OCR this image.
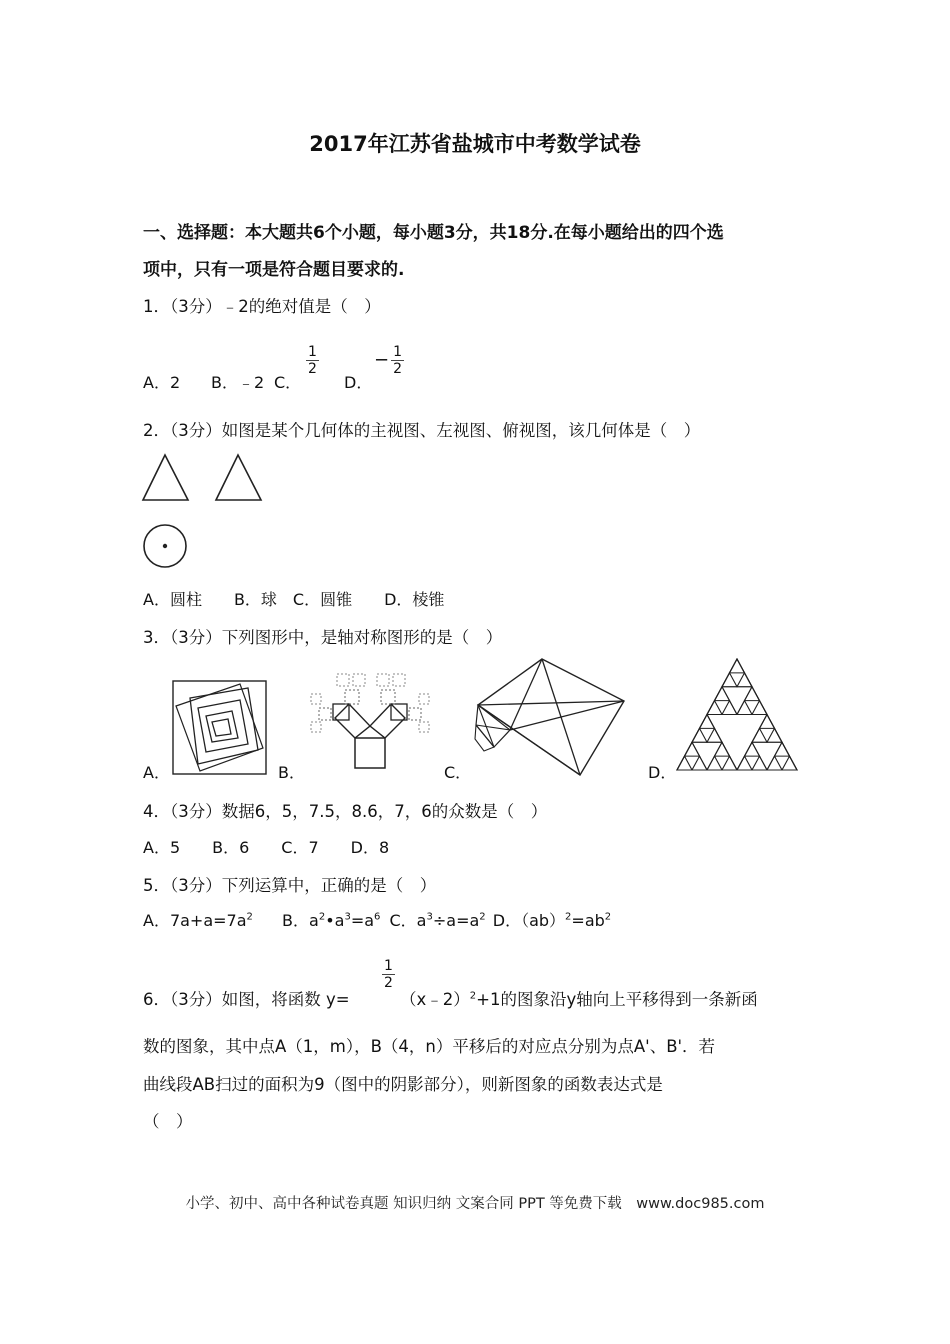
2017年江苏省盐城市中考数学试卷
一、选择题：本大题共6个小题，每小题3分，共18分.在每小题给出的四个选
项中，只有一项是符合题目要求的.
1．（3分）﹣2的绝对值是（　）
A．2 B．﹣2 C．
$\frac{1}{2}$
D．
− $\frac{1}{2}$
2．（3分）如图是某个几何体的主视图、左视图、俯视图，该几何体是（　）
A．圆柱　　B．球　C．圆锥　　D．棱锥
3．（3分）下列图形中，是轴对称图形的是（　）
A．	B．	C．	D．
4．（3分）数据6，5，7.5，8.6，7，6的众数是（　）
A．5　　B．6　　C．7　　D．8
5．（3分）下列运算中，正确的是（　）
A．$7a+a=7a^2$ B．$a^2•a^3=a^6$ C．$a^3\div a=a^2$ D．$(ab)^2=ab^2$
6．（3分）如图，将函数 y=
$\frac{1}{2}$
（x﹣2）$^2$+1的图象沿y轴向上平移得到一条新函
数的图象，其中点A（1，m），B（4，n）平移后的对应点分别为点A'、B'．若
曲线段AB扫过的面积为9（图中的阴影部分），则新图象的函数表达式是
（　）
小学、初中、高中各种试卷真题 知识归纳 文案合同 PPT 等免费下载　www.doc985.com
